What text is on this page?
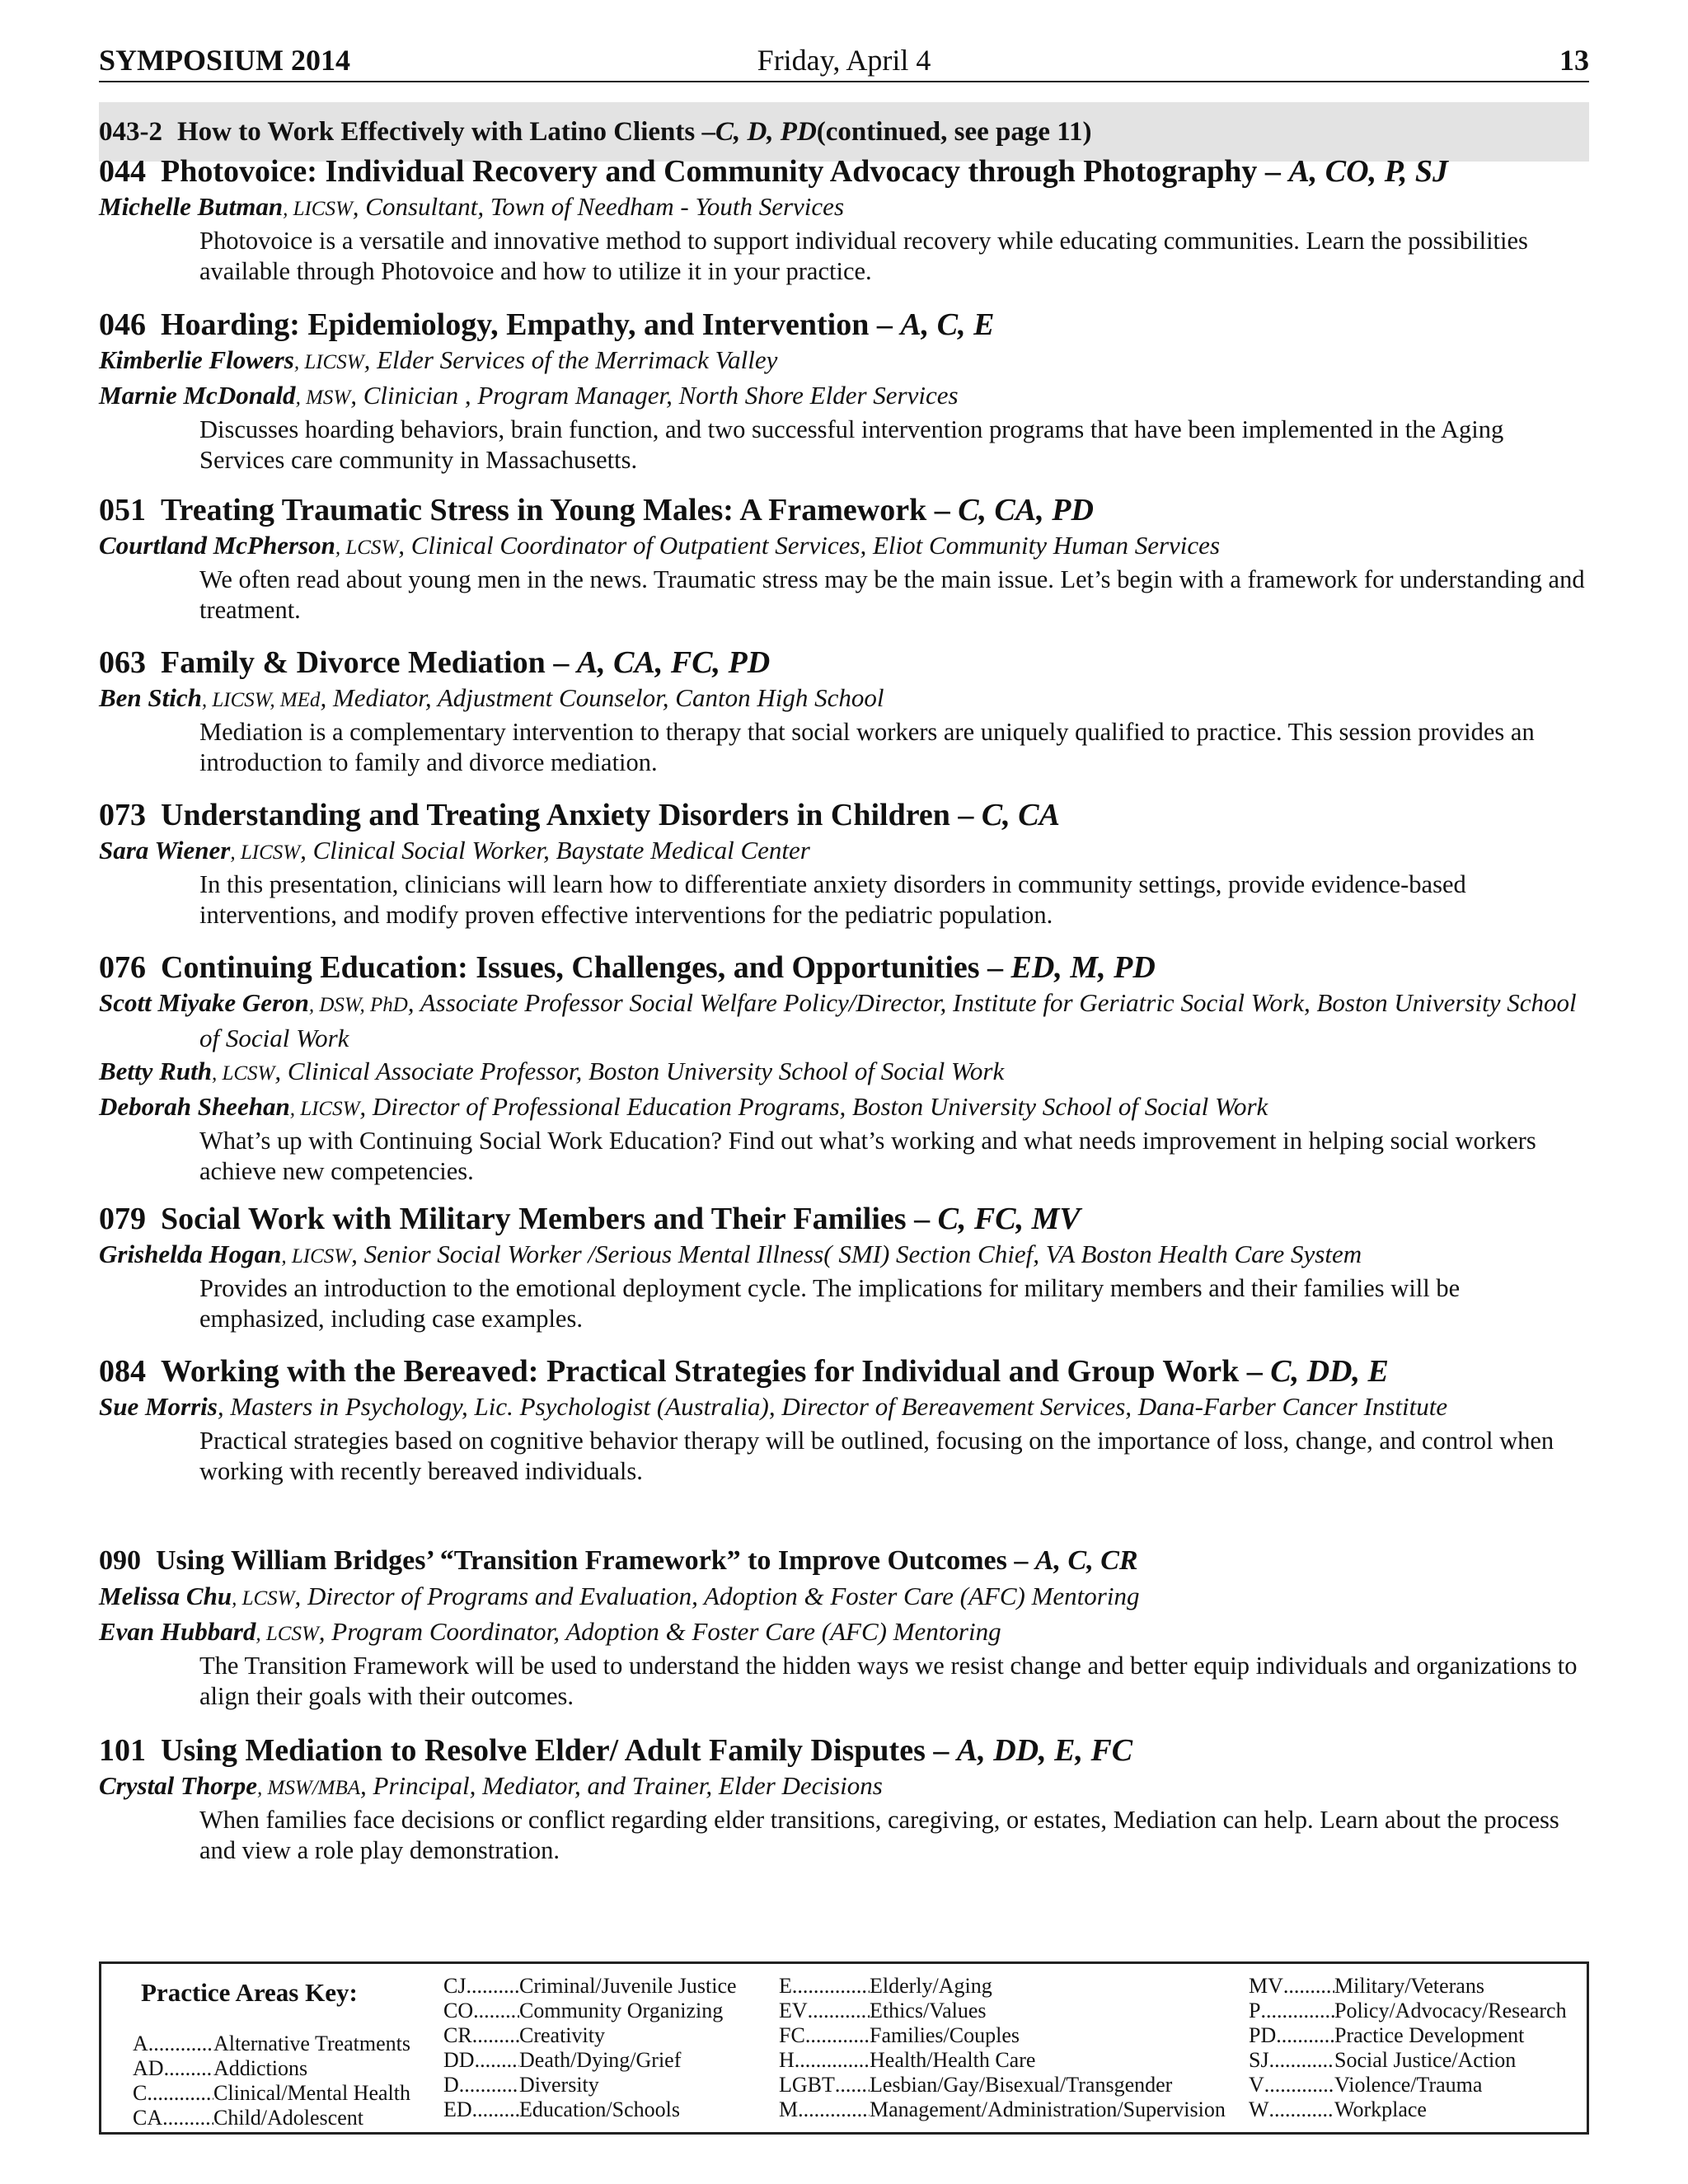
SYMPOSIUM 2014	Friday, April 4	13
043-2 How to Work Effectively with Latino Clients – C, D, PD (continued, see page 11)
044 Photovoice: Individual Recovery and Community Advocacy through Photography – A, CO, P, SJ
Michelle Butman, LICSW, Consultant, Town of Needham - Youth Services
Photovoice is a versatile and innovative method to support individual recovery while educating communities. Learn the possibilities available through Photovoice and how to utilize it in your practice.
046 Hoarding: Epidemiology, Empathy, and Intervention – A, C, E
Kimberlie Flowers, LICSW, Elder Services of the Merrimack Valley
Marnie McDonald, MSW, Clinician , Program Manager, North Shore Elder Services
Discusses hoarding behaviors, brain function, and two successful intervention programs that have been implemented in the Aging Services care community in Massachusetts.
051 Treating Traumatic Stress in Young Males: A Framework – C, CA, PD
Courtland McPherson, LCSW, Clinical Coordinator of Outpatient Services, Eliot Community Human Services
We often read about young men in the news. Traumatic stress may be the main issue. Let’s begin with a framework for understanding and treatment.
063 Family & Divorce Mediation – A, CA, FC, PD
Ben Stich, LICSW, MEd, Mediator, Adjustment Counselor, Canton High School
Mediation is a complementary intervention to therapy that social workers are uniquely qualified to practice. This session provides an introduction to family and divorce mediation.
073 Understanding and Treating Anxiety Disorders in Children – C, CA
Sara Wiener, LICSW, Clinical Social Worker, Baystate Medical Center
In this presentation, clinicians will learn how to differentiate anxiety disorders in community settings, provide evidence-based interventions, and modify proven effective interventions for the pediatric population.
076 Continuing Education: Issues, Challenges, and Opportunities – ED, M, PD
Scott Miyake Geron, DSW, PhD, Associate Professor Social Welfare Policy/Director, Institute for Geriatric Social Work, Boston University School of Social Work
Betty Ruth, LCSW, Clinical Associate Professor, Boston University School of Social Work
Deborah Sheehan, LICSW, Director of Professional Education Programs, Boston University School of Social Work
What’s up with Continuing Social Work Education? Find out what’s working and what needs improvement in helping social workers achieve new competencies.
079 Social Work with Military Members and Their Families – C, FC, MV
Grishelda Hogan, LICSW, Senior Social Worker /Serious Mental Illness( SMI) Section Chief, VA Boston Health Care System
Provides an introduction to the emotional deployment cycle. The implications for military members and their families will be emphasized, including case examples.
084 Working with the Bereaved: Practical Strategies for Individual and Group Work – C, DD, E
Sue Morris, Masters in Psychology, Lic. Psychologist (Australia), Director of Bereavement Services, Dana-Farber Cancer Institute
Practical strategies based on cognitive behavior therapy will be outlined, focusing on the importance of loss, change, and control when working with recently bereaved individuals.
090 Using William Bridges’ “Transition Framework” to Improve Outcomes – A, C, CR
Melissa Chu, LCSW, Director of Programs and Evaluation, Adoption & Foster Care (AFC) Mentoring
Evan Hubbard, LCSW, Program Coordinator, Adoption & Foster Care (AFC) Mentoring
The Transition Framework will be used to understand the hidden ways we resist change and better equip individuals and organizations to align their goals with their outcomes.
101 Using Mediation to Resolve Elder/ Adult Family Disputes – A, DD, E, FC
Crystal Thorpe, MSW/MBA, Principal, Mediator, and Trainer, Elder Decisions
When families face decisions or conflict regarding elder transitions, caregiving, or estates, Mediation can help. Learn about the process and view a role play demonstration.
Practice Areas Key:
A .....	Alternative Treatments
AD ..... Addictions
C .....	Clinical/Mental Health
CA ..... Child/Adolescent
CJ ..... Criminal/Juvenile Justice
CO ..... Community Organizing
CR ..... Creativity
DD ..... Death/Dying/Grief
D .....	Diversity
ED ..... Education/Schools
E .....	Elderly/Aging
EV .....	Ethics/Values
FC .....	Families/Couples
H .....	Health/Health Care
LGBT ..... Lesbian/Gay/Bisexual/Transgender
M .....	Management/Administration/Supervision
MV ..... Military/Veterans
P .....	Policy/Advocacy/Research
PD .....	Practice Development
SJ .....	Social Justice/Action
V .....	Violence/Trauma
W .....	Workplace
